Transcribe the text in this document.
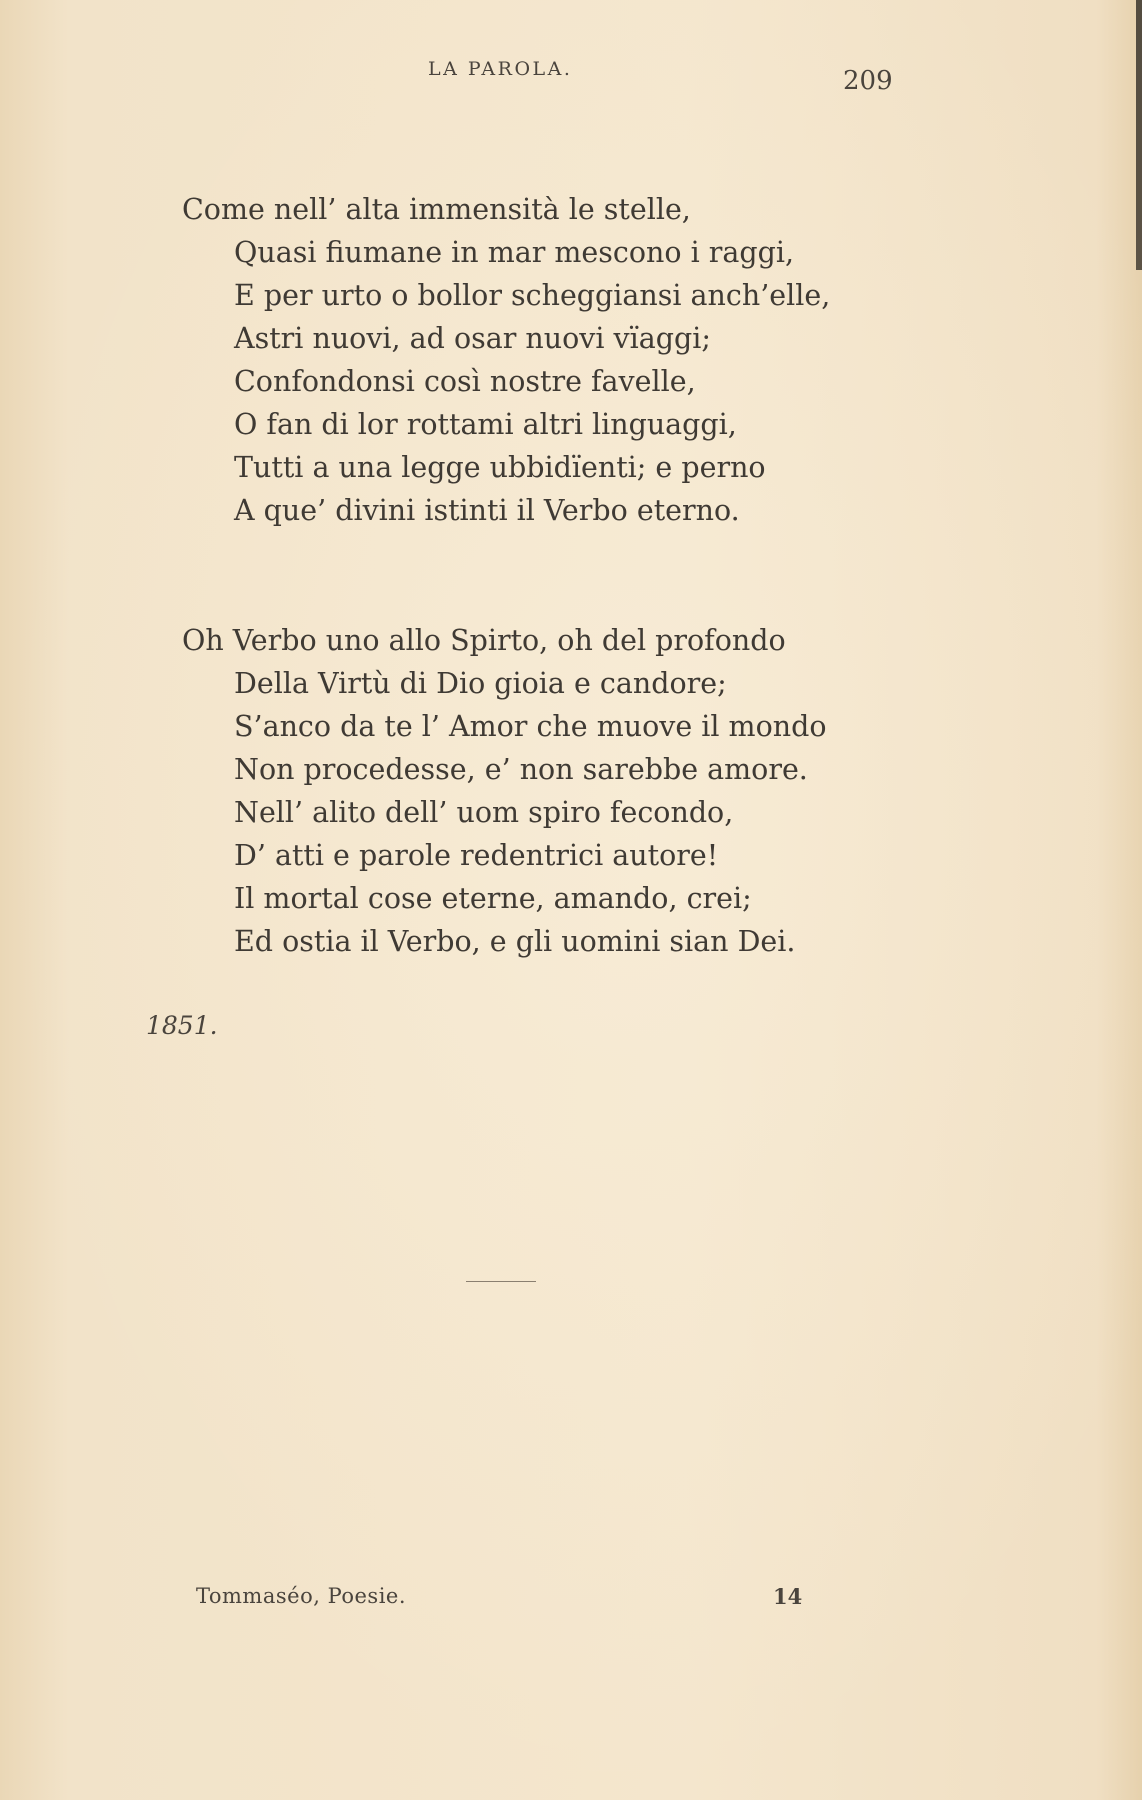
LA PAROLA.	209
Come nell’ alta immensità le stelle,
Quasi fiumane in mar mescono i raggi,
E per urto o bollor scheggiansi anch’elle,
Astri nuovi, ad osar nuovi vïaggi;
Confondonsi così nostre favelle,
O fan di lor rottami altri linguaggi,
Tutti a una legge ubbidïenti; e perno
A que’ divini istinti il Verbo eterno.
Oh Verbo uno allo Spirto, oh del profondo
Della Virtù di Dio gioia e candore;
S’anco da te l’ Amor che muove il mondo
Non procedesse, e’ non sarebbe amore.
Nell’ alito dell’ uom spiro fecondo,
D’ atti e parole redentrici autore!
Il mortal cose eterne, amando, crei;
Ed ostia il Verbo, e gli uomini sian Dei.
1851.
Tommaséo, Poesie.	14
